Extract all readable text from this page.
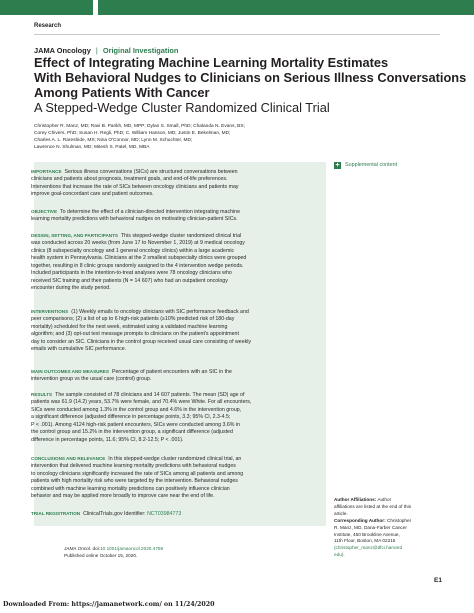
Research
JAMA Oncology | Original Investigation
Effect of Integrating Machine Learning Mortality Estimates
With Behavioral Nudges to Clinicians on Serious Illness Conversations
Among Patients With Cancer
A Stepped-Wedge Cluster Randomized Clinical Trial
Christopher R. Manz, MD; Ravi B. Parikh, MD, MPP; Dylan S. Small, PhD; Chalanda N. Evans, BS;
Corey Chivers, PhD; Susan H. Regli, PhD; C. William Hanson, MD; Justin E. Bekelman, MD;
Charles A. L. Rareshide, MS; Nina O'Connor, MD; Lynn M. Schuchter, MD;
Lawrence N. Shulman, MD; Mitesh S. Patel, MD, MBA
+ Supplemental content
IMPORTANCE Serious illness conversations (SICs) are structured conversations between
clinicians and patients about prognosis, treatment goals, and end-of-life preferences.
Interventions that increase the rate of SICs between oncology clinicians and patients may
improve goal-concordant care and patient outcomes.
OBJECTIVE To determine the effect of a clinician-directed intervention integrating machine
learning mortality predictions with behavioral nudges on motivating clinician-patient SICs.
DESIGN, SETTING, AND PARTICIPANTS This stepped-wedge cluster randomized clinical trial
was conducted across 20 weeks (from June 17 to November 1, 2019) at 9 medical oncology
clinics (8 subspecialty oncology and 1 general oncology clinics) within a large academic
health system in Pennsylvania. Clinicians at the 2 smallest subspecialty clinics were grouped
together, resulting in 8 clinic groups randomly assigned to the 4 intervention wedge periods.
Included participants in the intention-to-treat analyses were 78 oncology clinicians who
received SIC training and their patients (N = 14 607) who had an outpatient oncology
encounter during the study period.
INTERVENTIONS (1) Weekly emails to oncology clinicians with SIC performance feedback and
peer comparisons; (2) a list of up to 6 high-risk patients (≥10% predicted risk of 180-day
mortality) scheduled for the next week, estimated using a validated machine learning
algorithm; and (3) opt-out text message prompts to clinicians on the patient's appointment
day to consider an SIC. Clinicians in the control group received usual care consisting of weekly
emails with cumulative SIC performance.
MAIN OUTCOMES AND MEASURES Percentage of patient encounters with an SIC in the
intervention group vs the usual care (control) group.
RESULTS The sample consisted of 78 clinicians and 14 607 patients. The mean (SD) age of
patients was 61.9 (14.2) years, 53.7% were female, and 70.4% were White. For all encounters,
SICs were conducted among 1.3% in the control group and 4.6% in the intervention group,
a significant difference (adjusted difference in percentage points, 3.3; 95% CI, 2.3-4.5;
P < .001). Among 4124 high-risk patient encounters, SICs were conducted among 3.6% in
the control group and 15.2% in the intervention group, a significant difference (adjusted
difference in percentage points, 11.6; 95% CI, 8.2-12.5; P < .001).
CONCLUSIONS AND RELEVANCE In this stepped-wedge cluster randomized clinical trial, an
intervention that delivered machine learning mortality predictions with behavioral nudges
to oncology clinicians significantly increased the rate of SICs among all patients and among
patients with high mortality risk who were targeted by the intervention. Behavioral nudges
combined with machine learning mortality predictions can positively influence clinician
behavior and may be applied more broadly to improve care near the end of life.
TRIAL REGISTRATION ClinicalTrials.gov Identifier: NCT03984773
JAMA Oncol. doi:10.1001/jamaoncol.2020.4759
Published online October 15, 2020.
Author Affiliations: Author
affiliations are listed at the end of this
article.
Corresponding Author: Christopher
R. Manz, MD, Dana-Farber Cancer
Institute, 450 Brookline Avenue,
11th Floor, Boston, MA 02215
(christopher_manz@dfci.harvard
edu).
E1
Downloaded From: https://jamanetwork.com/ on 11/24/2020
